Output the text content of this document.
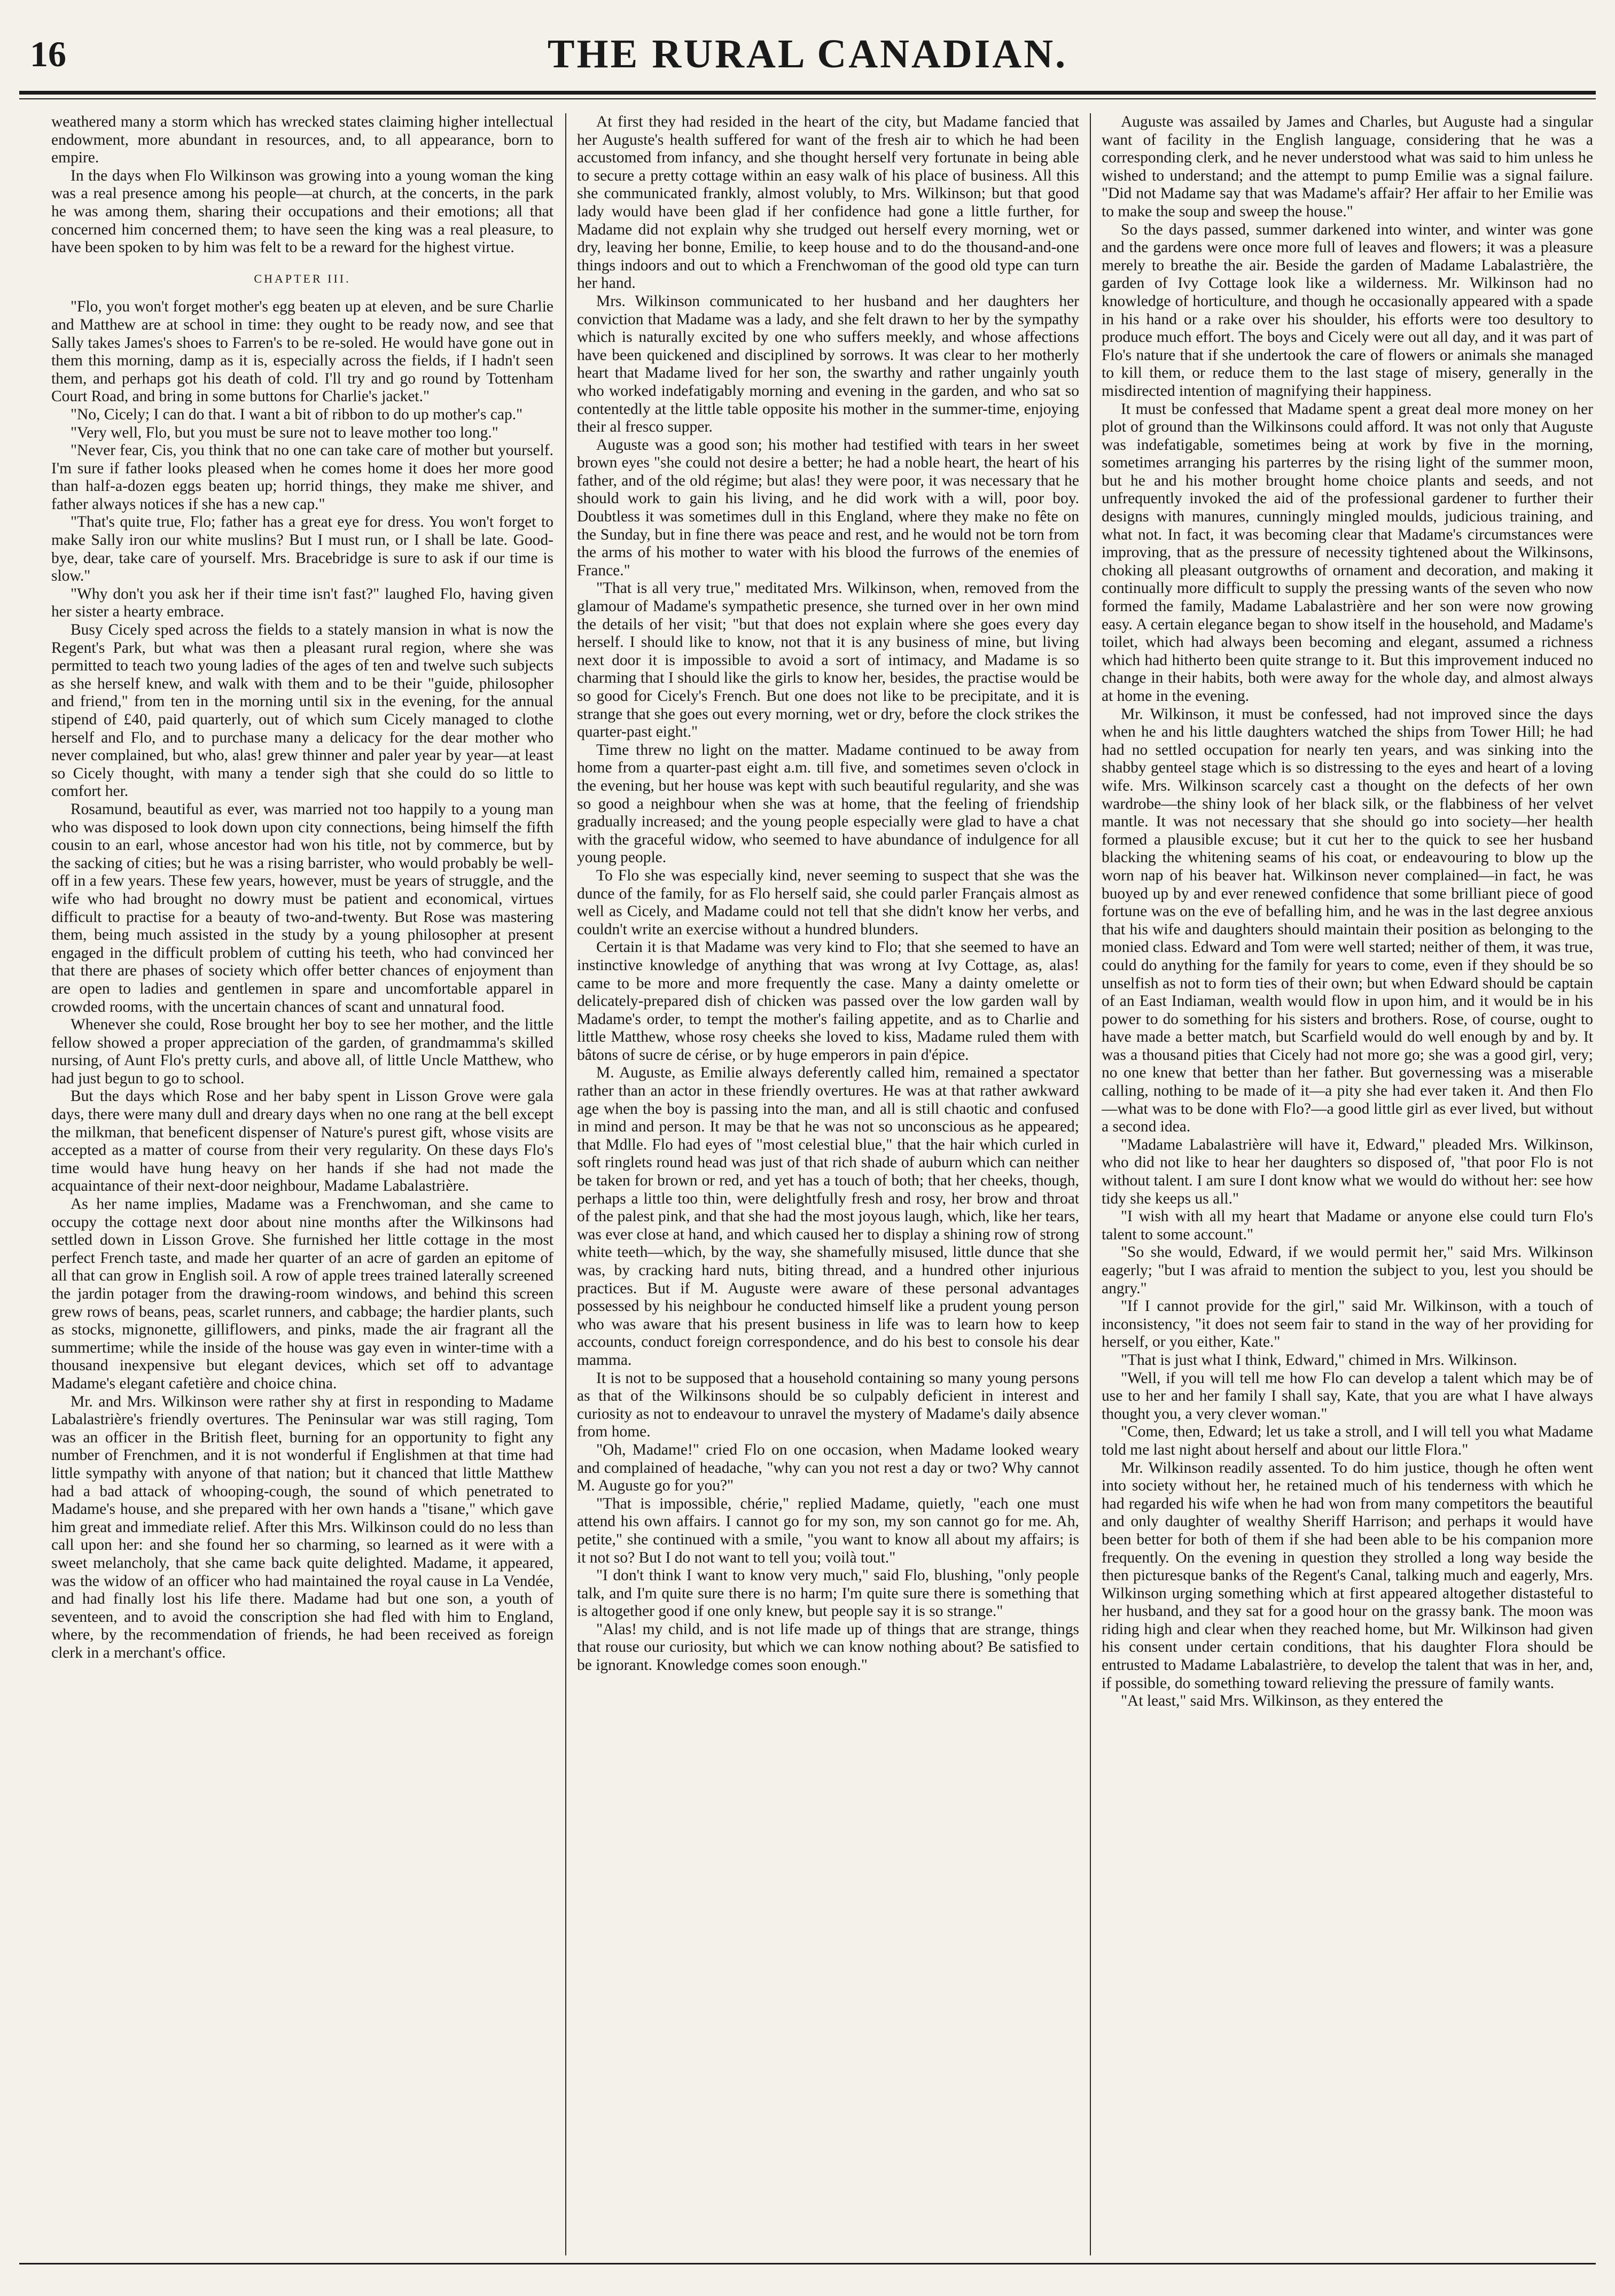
16	THE RURAL CANADIAN.

weathered many a storm which has wrecked states claiming higher intellectual endowment, more abundant in resources, and, to all appearance, born to empire.

In the days when Flo Wilkinson was growing into a young woman the king was a real presence among his people—at church, at the concerts, in the park he was among them, sharing their occupations and their emotions; all that concerned him concerned them; to have seen the king was a real pleasure, to have been spoken to by him was felt to be a reward for the highest virtue.

CHAPTER III.

"Flo, you won't forget mother's egg beaten up at eleven, and be sure Charlie and Matthew are at school in time: they ought to be ready now, and see that Sally takes James's shoes to Farren's to be re-soled. He would have gone out in them this morning, damp as it is, especially across the fields, if I hadn't seen them, and perhaps got his death of cold. I'll try and go round by Tottenham Court Road, and bring in some buttons for Charlie's jacket."

"No, Cicely; I can do that. I want a bit of ribbon to do up mother's cap."

"Very well, Flo, but you must be sure not to leave mother too long."

"Never fear, Cis, you think that no one can take care of mother but yourself. I'm sure if father looks pleased when he comes home it does her more good than half-a-dozen eggs beaten up; horrid things, they make me shiver, and father always notices if she has a new cap."

"That's quite true, Flo; father has a great eye for dress. You won't forget to make Sally iron our white muslins? But I must run, or I shall be late. Good-bye, dear, take care of yourself. Mrs. Bracebridge is sure to ask if our time is slow."

"Why don't you ask her if their time isn't fast?" laughed Flo, having given her sister a hearty embrace.

Busy Cicely sped across the fields to a stately mansion in what is now the Regent's Park, but what was then a pleasant rural region, where she was permitted to teach two young ladies of the ages of ten and twelve such subjects as she herself knew, and walk with them and to be their "guide, philosopher and friend," from ten in the morning until six in the evening, for the annual stipend of £40, paid quarterly, out of which sum Cicely managed to clothe herself and Flo, and to purchase many a delicacy for the dear mother who never complained, but who, alas! grew thinner and paler year by year—at least so Cicely thought, with many a tender sigh that she could do so little to comfort her.

Rosamund, beautiful as ever, was married not too happily to a young man who was disposed to look down upon city connections, being himself the fifth cousin to an earl, whose ancestor had won his title, not by commerce, but by the sacking of cities; but he was a rising barrister, who would probably be well-off in a few years. These few years, however, must be years of struggle, and the wife who had brought no dowry must be patient and economical, virtues difficult to practise for a beauty of two-and-twenty. But Rose was mastering them, being much assisted in the study by a young philosopher at present engaged in the difficult problem of cutting his teeth, who had convinced her that there are phases of society which offer better chances of enjoyment than are open to ladies and gentlemen in spare and uncomfortable apparel in crowded rooms, with the uncertain chances of scant and unnatural food.

Whenever she could, Rose brought her boy to see her mother, and the little fellow showed a proper appreciation of the garden, of grandmamma's skilled nursing, of Aunt Flo's pretty curls, and above all, of little Uncle Matthew, who had just begun to go to school.

But the days which Rose and her baby spent in Lisson Grove were gala days, there were many dull and dreary days when no one rang at the bell except the milkman, that beneficent dispenser of Nature's purest gift, whose visits are accepted as a matter of course from their very regularity. On these days Flo's time would have hung heavy on her hands if she had not made the acquaintance of their next-door neighbour, Madame Labalastrière.

As her name implies, Madame was a Frenchwoman, and she came to occupy the cottage next door about nine months after the Wilkinsons had settled down in Lisson Grove. She furnished her little cottage in the most perfect French taste, and made her quarter of an acre of garden an epitome of all that can grow in English soil. A row of apple trees trained laterally screened the jardin potager from the drawing-room windows, and behind this screen grew rows of beans, peas, scarlet runners, and cabbage; the hardier plants, such as stocks, mignonette, gilliflowers, and pinks, made the air fragrant all the summertime; while the inside of the house was gay even in winter-time with a thousand inexpensive but elegant devices, which set off to advantage Madame's elegant cafetière and choice china.

Mr. and Mrs. Wilkinson were rather shy at first in responding to Madame Labalastrière's friendly overtures. The Peninsular war was still raging, Tom was an officer in the British fleet, burning for an opportunity to fight any number of Frenchmen, and it is not wonderful if Englishmen at that time had little sympathy with anyone of that nation; but it chanced that little Matthew had a bad attack of whooping-cough, the sound of which penetrated to Madame's house, and she prepared with her own hands a "tisane," which gave him great and immediate relief. After this Mrs. Wilkinson could do no less than call upon her: and she found her so charming, so learned as it were with a sweet melancholy, that she came back quite delighted. Madame, it appeared, was the widow of an officer who had maintained the royal cause in La Vendée, and had finally lost his life there. Madame had but one son, a youth of seventeen, and to avoid the conscription she had fled with him to England, where, by the recommendation of friends, he had been received as foreign clerk in a merchant's office.

At first they had resided in the heart of the city, but Madame fancied that her Auguste's health suffered for want of the fresh air to which he had been accustomed from infancy, and she thought herself very fortunate in being able to secure a pretty cottage within an easy walk of his place of business. All this she communicated frankly, almost volubly, to Mrs. Wilkinson; but that good lady would have been glad if her confidence had gone a little further, for Madame did not explain why she trudged out herself every morning, wet or dry, leaving her bonne, Emilie, to keep house and to do the thousand-and-one things indoors and out to which a Frenchwoman of the good old type can turn her hand.

Mrs. Wilkinson communicated to her husband and her daughters her conviction that Madame was a lady, and she felt drawn to her by the sympathy which is naturally excited by one who suffers meekly, and whose affections have been quickened and disciplined by sorrows. It was clear to her motherly heart that Madame lived for her son, the swarthy and rather ungainly youth who worked indefatigably morning and evening in the garden, and who sat so contentedly at the little table opposite his mother in the summer-time, enjoying their al fresco supper.

Auguste was a good son; his mother had testified with tears in her sweet brown eyes "she could not desire a better; he had a noble heart, the heart of his father, and of the old régime; but alas! they were poor, it was necessary that he should work to gain his living, and he did work with a will, poor boy. Doubtless it was sometimes dull in this England, where they make no fête on the Sunday, but in fine there was peace and rest, and he would not be torn from the arms of his mother to water with his blood the furrows of the enemies of France."

"That is all very true," meditated Mrs. Wilkinson, when, removed from the glamour of Madame's sympathetic presence, she turned over in her own mind the details of her visit; "but that does not explain where she goes every day herself. I should like to know, not that it is any business of mine, but living next door it is impossible to avoid a sort of intimacy, and Madame is so charming that I should like the girls to know her, besides, the practise would be so good for Cicely's French. But one does not like to be precipitate, and it is strange that she goes out every morning, wet or dry, before the clock strikes the quarter-past eight."

Time threw no light on the matter. Madame continued to be away from home from a quarter-past eight a.m. till five, and sometimes seven o'clock in the evening, but her house was kept with such beautiful regularity, and she was so good a neighbour when she was at home, that the feeling of friendship gradually increased; and the young people especially were glad to have a chat with the graceful widow, who seemed to have abundance of indulgence for all young people.

To Flo she was especially kind, never seeming to suspect that she was the dunce of the family, for as Flo herself said, she could parler Français almost as well as Cicely, and Madame could not tell that she didn't know her verbs, and couldn't write an exercise without a hundred blunders.

Certain it is that Madame was very kind to Flo; that she seemed to have an instinctive knowledge of anything that was wrong at Ivy Cottage, as, alas! came to be more and more frequently the case. Many a dainty omelette or delicately-prepared dish of chicken was passed over the low garden wall by Madame's order, to tempt the mother's failing appetite, and as to Charlie and little Matthew, whose rosy cheeks she loved to kiss, Madame ruled them with bâtons of sucre de cérise, or by huge emperors in pain d'épice.

M. Auguste, as Emilie always deferently called him, remained a spectator rather than an actor in these friendly overtures. He was at that rather awkward age when the boy is passing into the man, and all is still chaotic and confused in mind and person. It may be that he was not so unconscious as he appeared; that Mdlle. Flo had eyes of "most celestial blue," that the hair which curled in soft ringlets round head was just of that rich shade of auburn which can neither be taken for brown or red, and yet has a touch of both; that her cheeks, though, perhaps a little too thin, were delightfully fresh and rosy, her brow and throat of the palest pink, and that she had the most joyous laugh, which, like her tears, was ever close at hand, and which caused her to display a shining row of strong white teeth—which, by the way, she shamefully misused, little dunce that she was, by cracking hard nuts, biting thread, and a hundred other injurious practices. But if M. Auguste were aware of these personal advantages possessed by his neighbour he conducted himself like a prudent young person who was aware that his present business in life was to learn how to keep accounts, conduct foreign correspondence, and do his best to console his dear mamma.

It is not to be supposed that a household containing so many young persons as that of the Wilkinsons should be so culpably deficient in interest and curiosity as not to endeavour to unravel the mystery of Madame's daily absence from home.

"Oh, Madame!" cried Flo on one occasion, when Madame looked weary and complained of headache, "why can you not rest a day or two? Why cannot M. Auguste go for you?"

"That is impossible, chérie," replied Madame, quietly, "each one must attend his own affairs. I cannot go for my son, my son cannot go for me. Ah, petite," she continued with a smile, "you want to know all about my affairs; is it not so? But I do not want to tell you; voilà tout."

"I don't think I want to know very much," said Flo, blushing, "only people talk, and I'm quite sure there is no harm; I'm quite sure there is something that is altogether good if one only knew, but people say it is so strange."

"Alas! my child, and is not life made up of things that are strange, things that rouse our curiosity, but which we can know nothing about? Be satisfied to be ignorant. Knowledge comes soon enough."

Auguste was assailed by James and Charles, but Auguste had a singular want of facility in the English language, considering that he was a corresponding clerk, and he never understood what was said to him unless he wished to understand; and the attempt to pump Emilie was a signal failure. "Did not Madame say that was Madame's affair? Her affair to her Emilie was to make the soup and sweep the house."

So the days passed, summer darkened into winter, and winter was gone and the gardens were once more full of leaves and flowers; it was a pleasure merely to breathe the air. Beside the garden of Madame Labalastrière, the garden of Ivy Cottage look like a wilderness. Mr. Wilkinson had no knowledge of horticulture, and though he occasionally appeared with a spade in his hand or a rake over his shoulder, his efforts were too desultory to produce much effort. The boys and Cicely were out all day, and it was part of Flo's nature that if she undertook the care of flowers or animals she managed to kill them, or reduce them to the last stage of misery, generally in the misdirected intention of magnifying their happiness.

It must be confessed that Madame spent a great deal more money on her plot of ground than the Wilkinsons could afford. It was not only that Auguste was indefatigable, sometimes being at work by five in the morning, sometimes arranging his parterres by the rising light of the summer moon, but he and his mother brought home choice plants and seeds, and not unfrequently invoked the aid of the professional gardener to further their designs with manures, cunningly mingled moulds, judicious training, and what not. In fact, it was becoming clear that Madame's circumstances were improving, that as the pressure of necessity tightened about the Wilkinsons, choking all pleasant outgrowths of ornament and decoration, and making it continually more difficult to supply the pressing wants of the seven who now formed the family, Madame Labalastrière and her son were now growing easy. A certain elegance began to show itself in the household, and Madame's toilet, which had always been becoming and elegant, assumed a richness which had hitherto been quite strange to it. But this improvement induced no change in their habits, both were away for the whole day, and almost always at home in the evening.

Mr. Wilkinson, it must be confessed, had not improved since the days when he and his little daughters watched the ships from Tower Hill; he had had no settled occupation for nearly ten years, and was sinking into the shabby genteel stage which is so distressing to the eyes and heart of a loving wife. Mrs. Wilkinson scarcely cast a thought on the defects of her own wardrobe—the shiny look of her black silk, or the flabbiness of her velvet mantle. It was not necessary that she should go into society—her health formed a plausible excuse; but it cut her to the quick to see her husband blacking the whitening seams of his coat, or endeavouring to blow up the worn nap of his beaver hat. Wilkinson never complained—in fact, he was buoyed up by and ever renewed confidence that some brilliant piece of good fortune was on the eve of befalling him, and he was in the last degree anxious that his wife and daughters should maintain their position as belonging to the monied class. Edward and Tom were well started; neither of them, it was true, could do anything for the family for years to come, even if they should be so unselfish as not to form ties of their own; but when Edward should be captain of an East Indiaman, wealth would flow in upon him, and it would be in his power to do something for his sisters and brothers. Rose, of course, ought to have made a better match, but Scarfield would do well enough by and by. It was a thousand pities that Cicely had not more go; she was a good girl, very; no one knew that better than her father. But governessing was a miserable calling, nothing to be made of it—a pity she had ever taken it. And then Flo—what was to be done with Flo?—a good little girl as ever lived, but without a second idea.

"Madame Labalastrière will have it, Edward," pleaded Mrs. Wilkinson, who did not like to hear her daughters so disposed of, "that poor Flo is not without talent. I am sure I dont know what we would do without her: see how tidy she keeps us all."

"I wish with all my heart that Madame or anyone else could turn Flo's talent to some account."

"So she would, Edward, if we would permit her," said Mrs. Wilkinson eagerly; "but I was afraid to mention the subject to you, lest you should be angry."

"If I cannot provide for the girl," said Mr. Wilkinson, with a touch of inconsistency, "it does not seem fair to stand in the way of her providing for herself, or you either, Kate."

"That is just what I think, Edward," chimed in Mrs. Wilkinson.

"Well, if you will tell me how Flo can develop a talent which may be of use to her and her family I shall say, Kate, that you are what I have always thought you, a very clever woman."

"Come, then, Edward; let us take a stroll, and I will tell you what Madame told me last night about herself and about our little Flora."

Mr. Wilkinson readily assented. To do him justice, though he often went into society without her, he retained much of his tenderness with which he had regarded his wife when he had won from many competitors the beautiful and only daughter of wealthy Sheriff Harrison; and perhaps it would have been better for both of them if she had been able to be his companion more frequently. On the evening in question they strolled a long way beside the then picturesque banks of the Regent's Canal, talking much and eagerly, Mrs. Wilkinson urging something which at first appeared altogether distasteful to her husband, and they sat for a good hour on the grassy bank. The moon was riding high and clear when they reached home, but Mr. Wilkinson had given his consent under certain conditions, that his daughter Flora should be entrusted to Madame Labalastrière, to develop the talent that was in her, and, if possible, do something toward relieving the pressure of family wants.

"At least," said Mrs. Wilkinson, as they entered the
